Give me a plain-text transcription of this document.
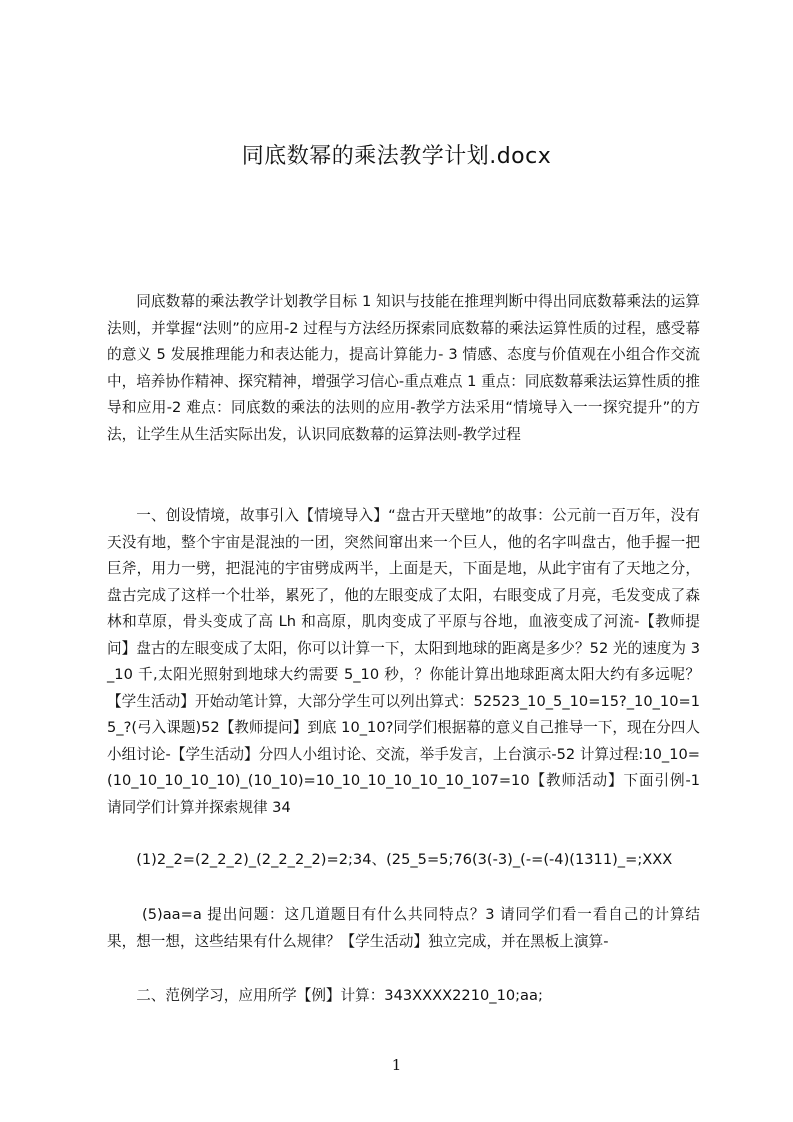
同底数幂的乘法教学计划.docx

同底数幕的乘法教学计划教学目标 1 知识与技能在推理判断中得出同底数幕乘法的运算法则，并掌握“法则”的应用-2 过程与方法经历探索同底数幕的乘法运算性质的过程，感受幕的意义 5 发展推理能力和表达能力，提高计算能力- 3 情感、态度与价值观在小组合作交流中，培养协作精神、探究精神，增强学习信心-重点难点 1 重点：同底数幕乘法运算性质的推导和应用-2 难点：同底数的乘法的法则的应用-教学方法采用“情境导入一一探究提升”的方法，让学生从生活实际出发，认识同底数幕的运算法则-教学过程

一、创设情境，故事引入【情境导入】“盘古开天壁地”的故事：公元前一百万年，没有天没有地，整个宇宙是混浊的一团，突然间窜出来一个巨人，他的名字叫盘古，他手握一把巨斧，用力一劈，把混沌的宇宙劈成两半，上面是天，下面是地，从此宇宙有了天地之分，盘古完成了这样一个壮举，累死了，他的左眼变成了太阳，右眼变成了月亮，毛发变成了森林和草原，骨头变成了高 Lh 和高原，肌肉变成了平原与谷地，血液变成了河流-【教师提问】盘古的左眼变成了太阳，你可以计算一下，太阳到地球的距离是多少？52 光的速度为 3_10 千,太阳光照射到地球大约需要 5_10 秒，？你能计算出地球距离太阳大约有多远呢？【学生活动】开始动笔计算，大部分学生可以列出算式：52523_10_5_10=15?_10_10=15_?(弓入课题)52【教师提问】到底 10_10?同学们根据幕的意义自己推导一下，现在分四人小组讨论-【学生活动】分四人小组讨论、交流，举手发言，上台演示-52 计算过程:10_10=(10_10_10_10_10)_(10_10)=10_10_10_10_10_10_107=10【教师活动】下面引例-1 请同学们计算并探索规律 34

(1)2_2=(2_2_2)_(2_2_2_2)=2;34、(25_5=5;76(3(-3)_(-=(-4)(1311)_=;XXX

(5)aa=a 提出问题：这几道题目有什么共同特点？3 请同学们看一看自己的计算结果，想一想，这些结果有什么规律？【学生活动】独立完成，并在黑板上演算-

二、范例学习，应用所学【例】计算：343XXXX2210_10;aa;

1
